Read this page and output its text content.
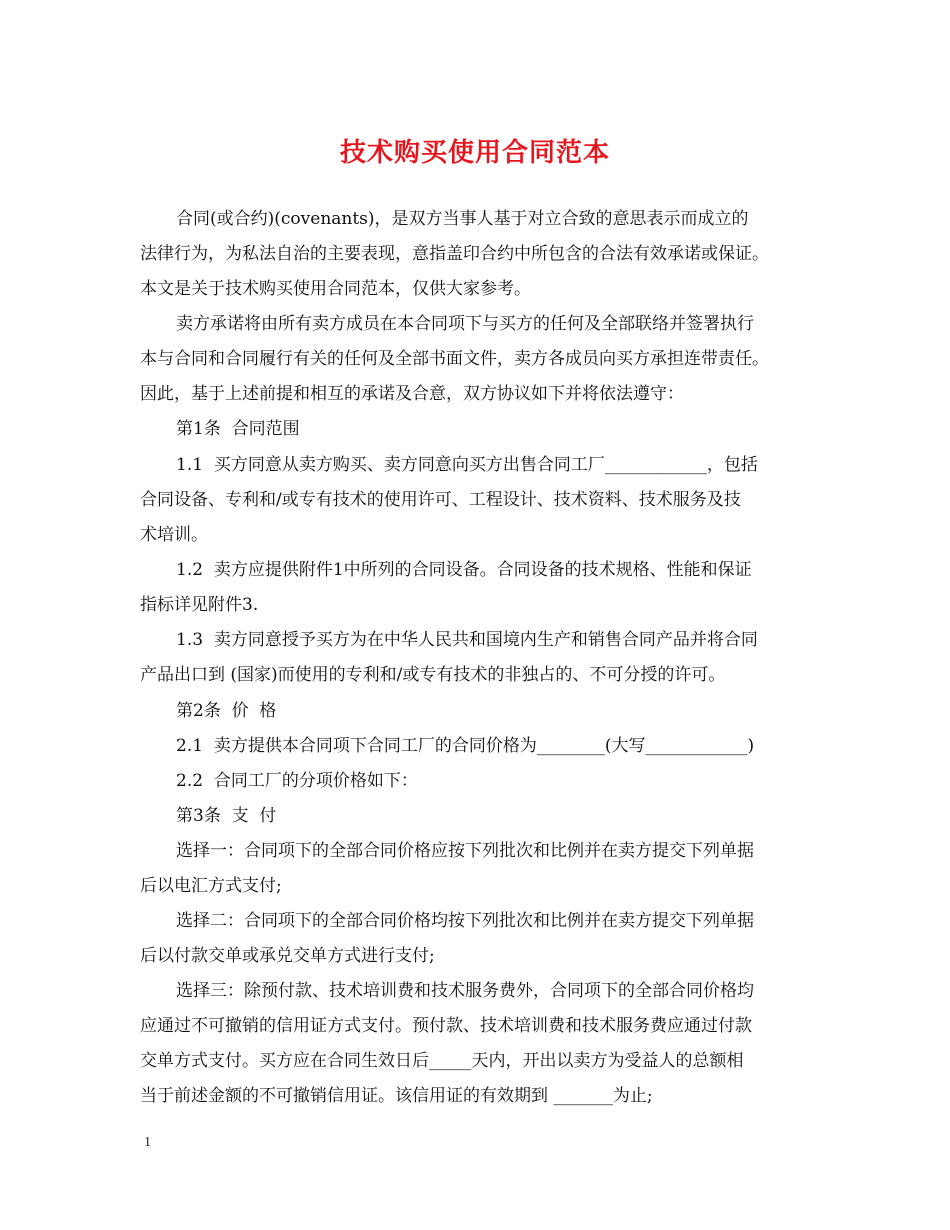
技术购买使用合同范本
合同(或合约)(covenants)，是双方当事人基于对立合致的意思表示而成立的
法律行为，为私法自治的主要表现，意指盖印合约中所包含的合法有效承诺或保证。
本文是关于技术购买使用合同范本，仅供大家参考。
卖方承诺将由所有卖方成员在本合同项下与买方的任何及全部联络并签署执行
本与合同和合同履行有关的任何及全部书面文件，卖方各成员向买方承担连带责任。
因此，基于上述前提和相互的承诺及合意，双方协议如下并将依法遵守：
第1条  合同范围
1.1  买方同意从卖方购买、卖方同意向买方出售合同工厂____________，包括
合同设备、专利和/或专有技术的使用许可、工程设计、技术资料、技术服务及技
术培训。
1.2  卖方应提供附件1中所列的合同设备。合同设备的技术规格、性能和保证
指标详见附件3.
1.3  卖方同意授予买方为在中华人民共和国境内生产和销售合同产品并将合同
产品出口到 (国家)而使用的专利和/或专有技术的非独占的、不可分授的许可。
第2条  价  格
2.1  卖方提供本合同项下合同工厂的合同价格为________(大写____________)
2.2  合同工厂的分项价格如下：
第3条  支  付
选择一：合同项下的全部合同价格应按下列批次和比例并在卖方提交下列单据
后以电汇方式支付;
选择二：合同项下的全部合同价格均按下列批次和比例并在卖方提交下列单据
后以付款交单或承兑交单方式进行支付;
选择三：除预付款、技术培训费和技术服务费外，合同项下的全部合同价格均
应通过不可撤销的信用证方式支付。预付款、技术培训费和技术服务费应通过付款
交单方式支付。买方应在合同生效日后_____天内，开出以卖方为受益人的总额相
当于前述金额的不可撤销信用证。该信用证的有效期到 _______为止;
1
